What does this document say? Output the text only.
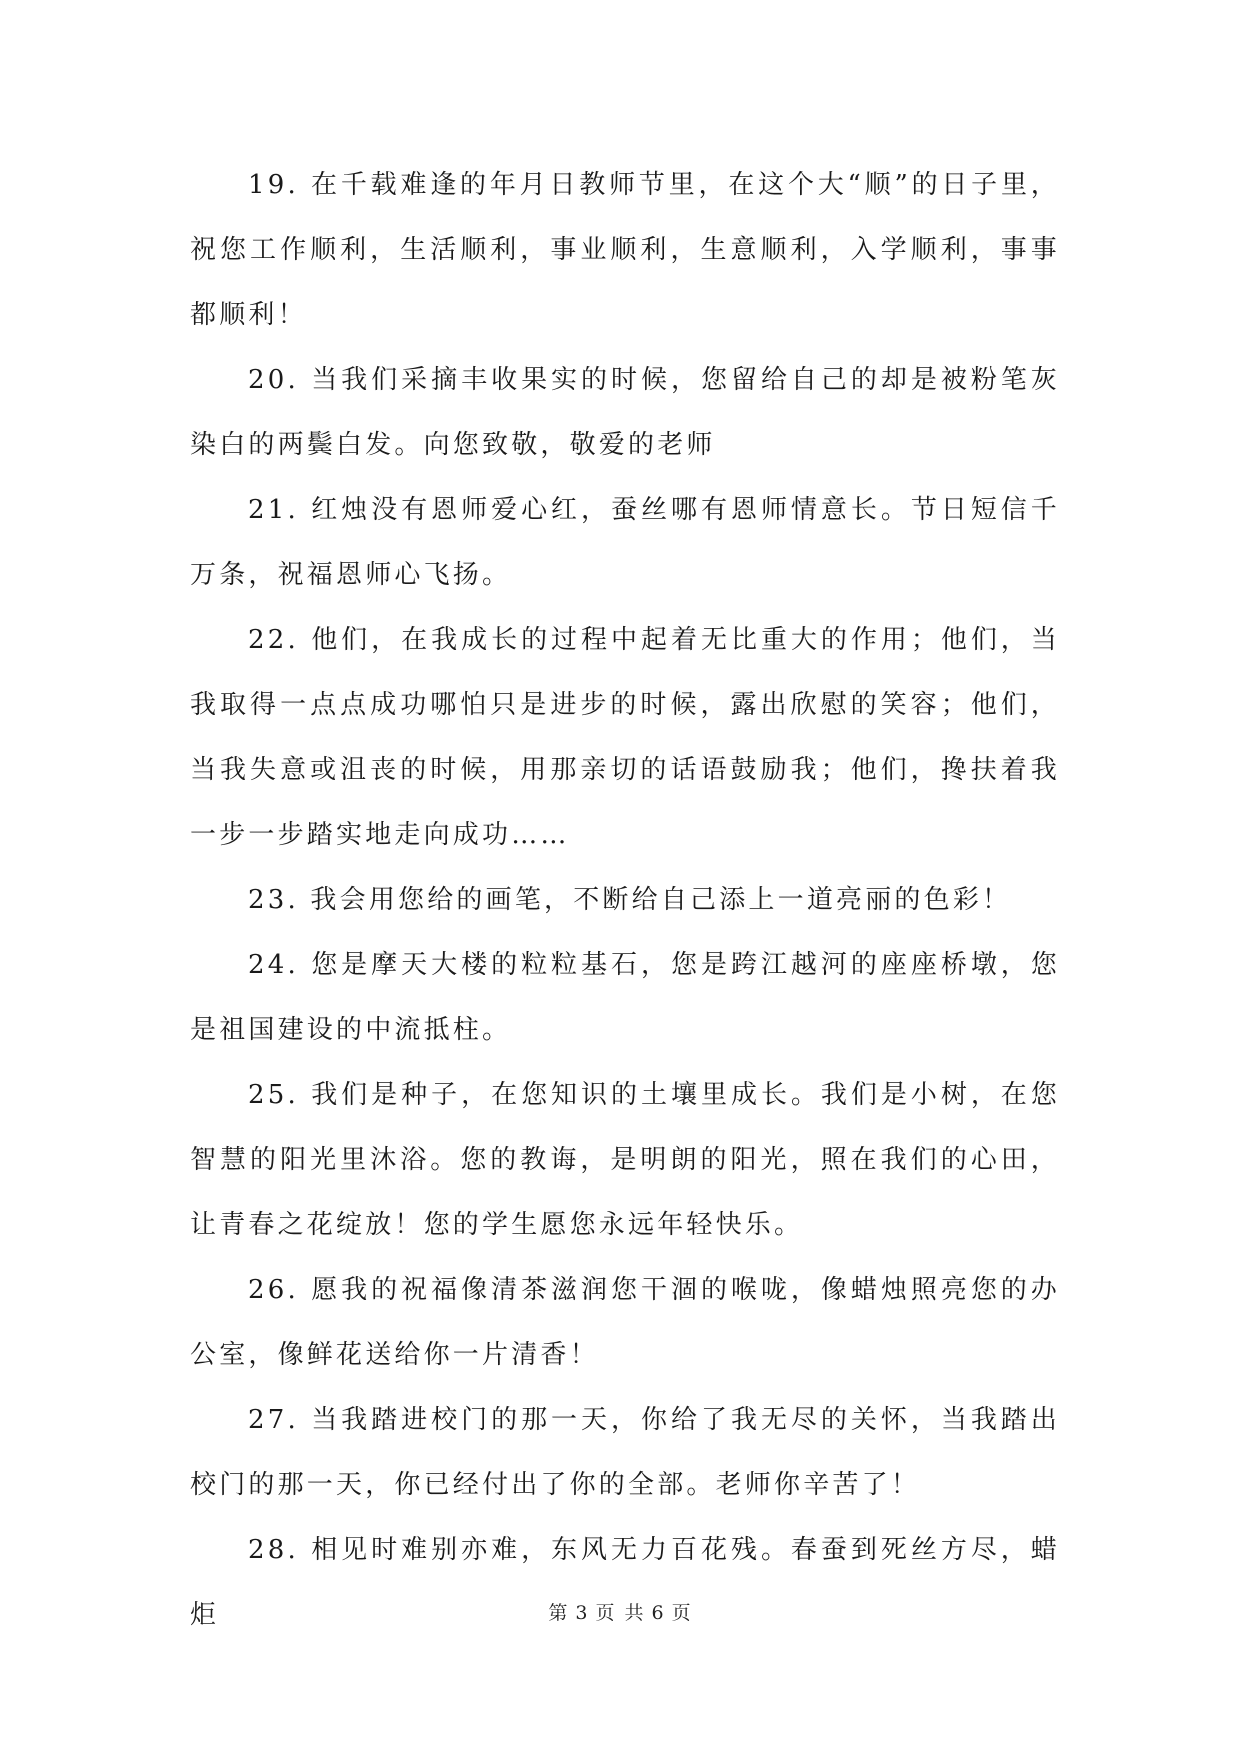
19. 在千载难逢的年月日教师节里，在这个大“顺”的日子里，祝您工作顺利，生活顺利，事业顺利，生意顺利，入学顺利，事事都顺利！

20. 当我们采摘丰收果实的时候，您留给自己的却是被粉笔灰染白的两鬓白发。向您致敬，敬爱的老师

21. 红烛没有恩师爱心红，蚕丝哪有恩师情意长。节日短信千万条，祝福恩师心飞扬。

22. 他们，在我成长的过程中起着无比重大的作用；他们，当我取得一点点成功哪怕只是进步的时候，露出欣慰的笑容；他们，当我失意或沮丧的时候，用那亲切的话语鼓励我；他们，搀扶着我一步一步踏实地走向成功……

23. 我会用您给的画笔，不断给自己添上一道亮丽的色彩！

24. 您是摩天大楼的粒粒基石，您是跨江越河的座座桥墩，您是祖国建设的中流抵柱。

25. 我们是种子，在您知识的土壤里成长。我们是小树，在您智慧的阳光里沐浴。您的教诲，是明朗的阳光，照在我们的心田，让青春之花绽放！您的学生愿您永远年轻快乐。

26. 愿我的祝福像清茶滋润您干涸的喉咙，像蜡烛照亮您的办公室，像鲜花送给你一片清香！

27. 当我踏进校门的那一天，你给了我无尽的关怀，当我踏出校门的那一天，你已经付出了你的全部。老师你辛苦了！

28. 相见时难别亦难，东风无力百花残。春蚕到死丝方尽，蜡炬	第 3 页 共 6 页
